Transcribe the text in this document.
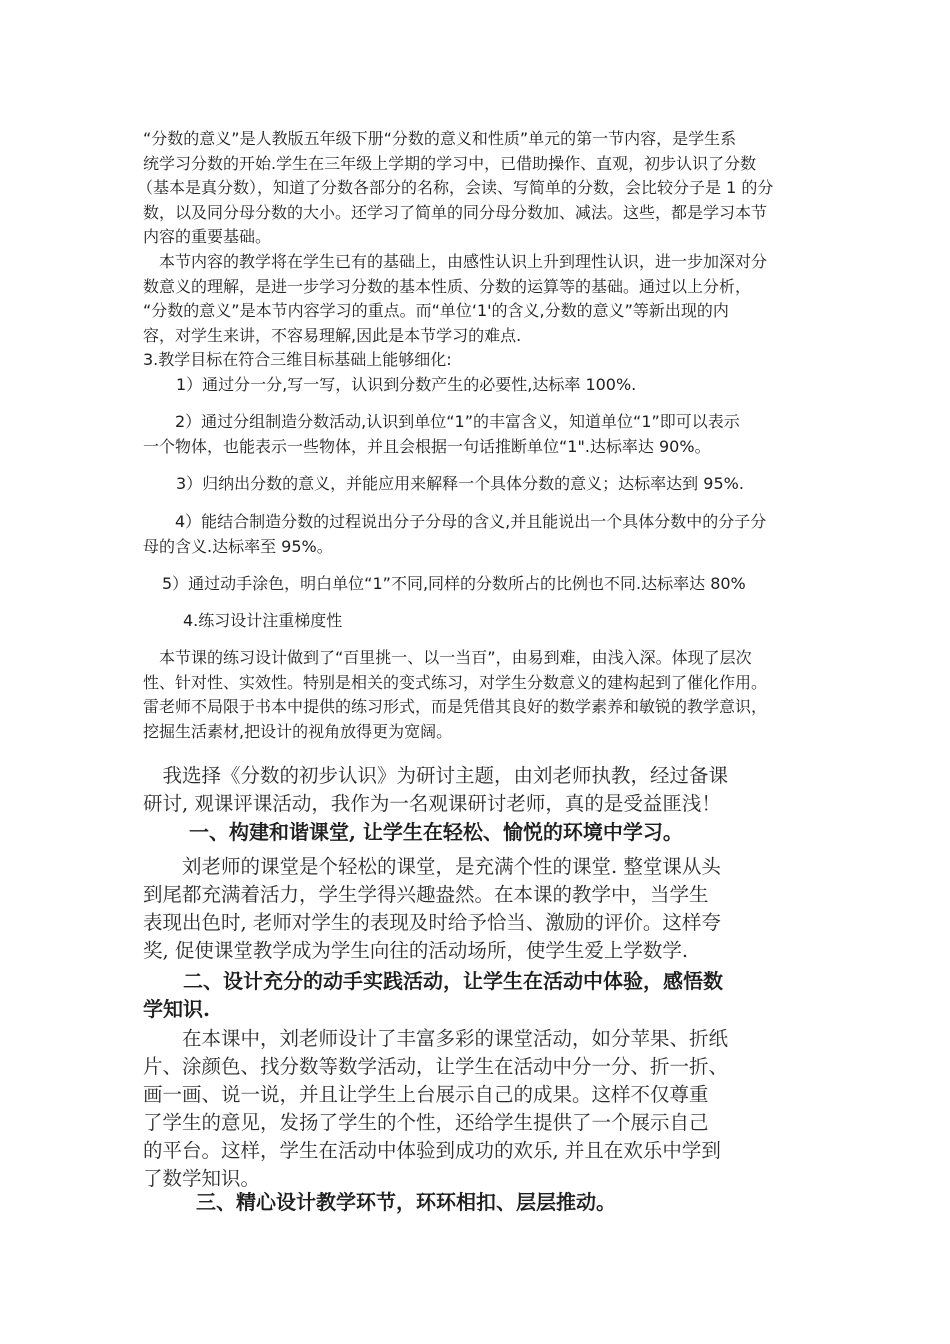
“分数的意义”是人教版五年级下册“分数的意义和性质”单元的第一节内容，是学生系
统学习分数的开始.学生在三年级上学期的学习中，已借助操作、直观，初步认识了分数
（基本是真分数），知道了分数各部分的名称，会读、写简单的分数，会比较分子是 1 的分
数，以及同分母分数的大小。还学习了简单的同分母分数加、减法。这些，都是学习本节
内容的重要基础。
　本节内容的教学将在学生已有的基础上，由感性认识上升到理性认识，进一步加深对分
数意义的理解，是进一步学习分数的基本性质、分数的运算等的基础。通过以上分析，
“分数的意义”是本节内容学习的重点。而“单位‘1'的含义,分数的意义”等新出现的内
容，对学生来讲，不容易理解,因此是本节学习的难点.
3.教学目标在符合三维目标基础上能够细化:
1）通过分一分,写一写，认识到分数产生的必要性,达标率 100%.
　　2）通过分组制造分数活动,认识到单位“1”的丰富含义，知道单位“1”即可以表示
一个物体，也能表示一些物体，并且会根据一句话推断单位“1".达标率达 90%。
3）归纳出分数的意义，并能应用来解释一个具体分数的意义；达标率达到 95%.
　　4）能结合制造分数的过程说出分子分母的含义,并且能说出一个具体分数中的分子分
母的含义.达标率至 95%。
5）通过动手涂色，明白单位“1”不同,同样的分数所占的比例也不同.达标率达 80%
4.练习设计注重梯度性
　本节课的练习设计做到了“百里挑一、以一当百”，由易到难，由浅入深。体现了层次
性、针对性、实效性。特别是相关的变式练习，对学生分数意义的建构起到了催化作用。
雷老师不局限于书本中提供的练习形式，而是凭借其良好的数学素养和敏锐的教学意识，
挖掘生活素材,把设计的视角放得更为宽阔。
　我选择《分数的初步认识》为研讨主题，由刘老师执教，经过备课
研讨, 观课评课活动，我作为一名观课研讨老师，真的是受益匪浅！
一、构建和谐课堂, 让学生在轻松、愉悦的环境中学习。
　　刘老师的课堂是个轻松的课堂，是充满个性的课堂. 整堂课从头
到尾都充满着活力，学生学得兴趣盎然。在本课的教学中，当学生
表现出色时, 老师对学生的表现及时给予恰当、激励的评价。这样夸
奖, 促使课堂教学成为学生向往的活动场所，使学生爱上学数学.
　　二、设计充分的动手实践活动，让学生在活动中体验，感悟数
学知识.
　　在本课中，刘老师设计了丰富多彩的课堂活动，如分苹果、折纸
片、涂颜色、找分数等数学活动，让学生在活动中分一分、折一折、
画一画、说一说，并且让学生上台展示自己的成果。这样不仅尊重
了学生的意见，发扬了学生的个性，还给学生提供了一个展示自己
的平台。这样，学生在活动中体验到成功的欢乐, 并且在欢乐中学到
了数学知识。
三、精心设计教学环节，环环相扣、层层推动。
